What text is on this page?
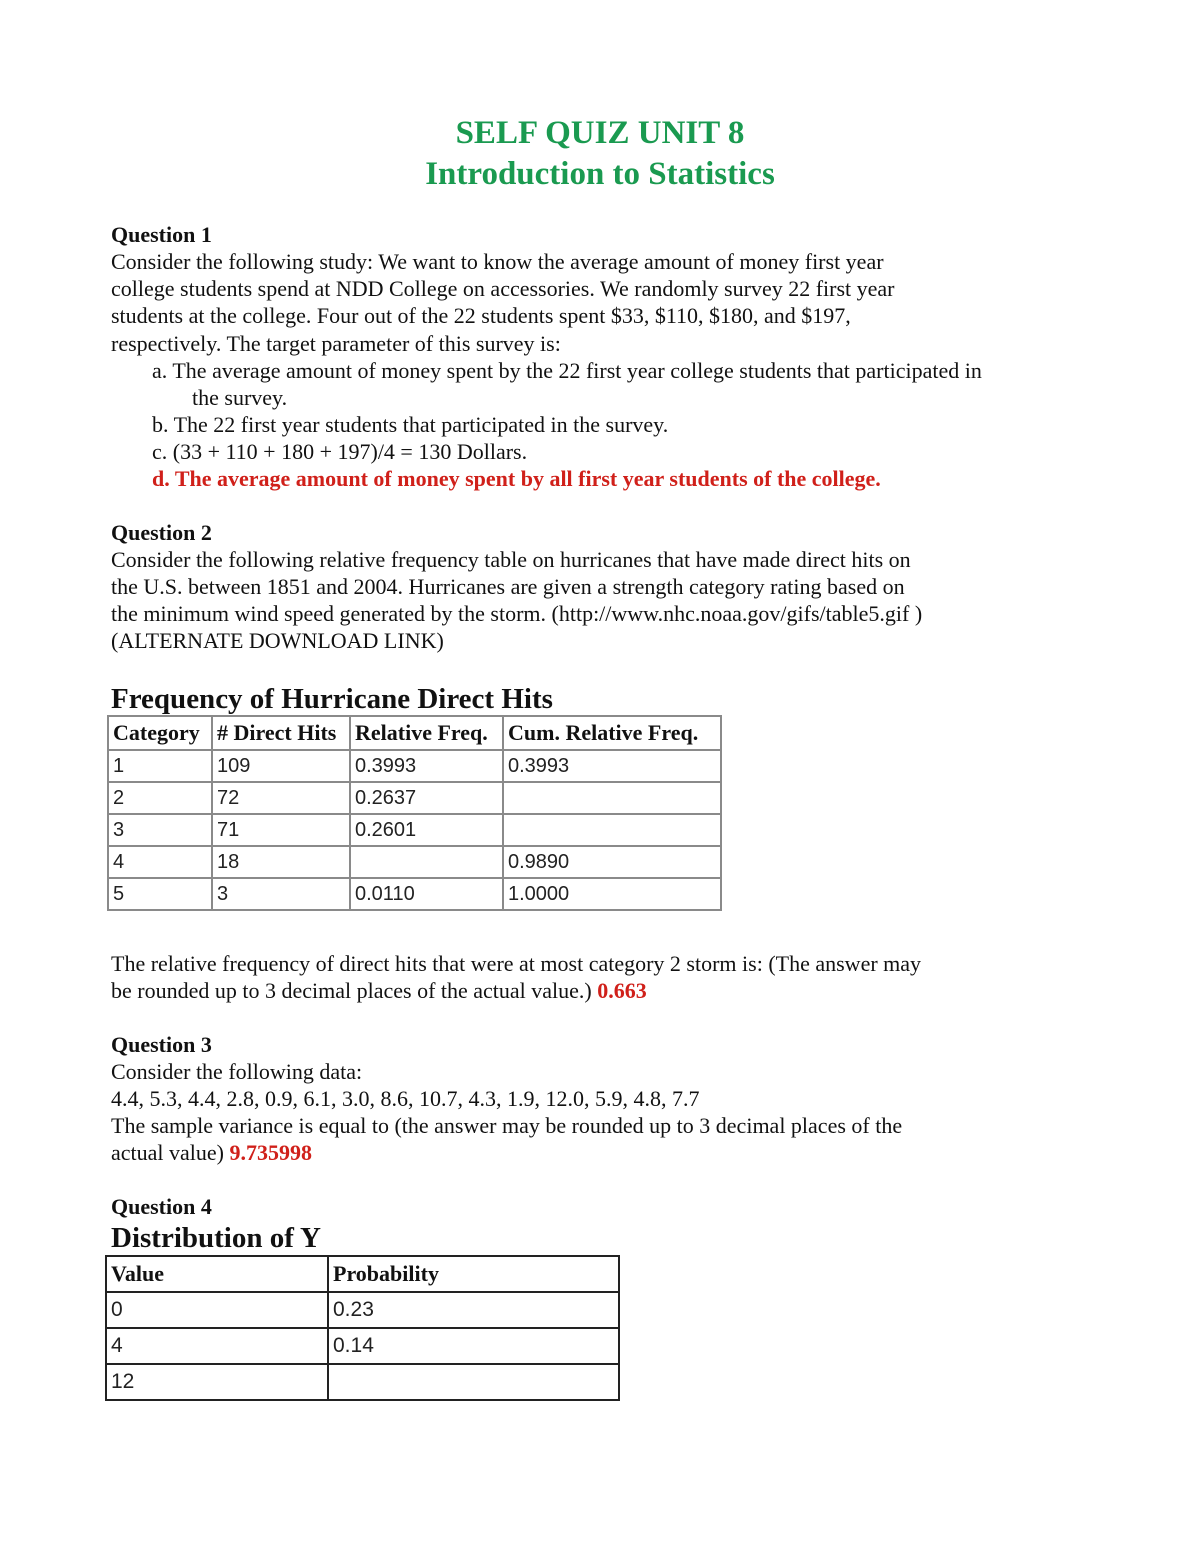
SELF QUIZ UNIT 8
Introduction to Statistics
Question 1
Consider the following study: We want to know the average amount of money first year
college students spend at NDD College on accessories. We randomly survey 22 first year
students at the college. Four out of the 22 students spent $33, $110, $180, and $197,
respectively. The target parameter of this survey is:
a. The average amount of money spent by the 22 first year college students that participated in
the survey.
b. The 22 first year students that participated in the survey.
c. (33 + 110 + 180 + 197)/4 = 130 Dollars.
d. The average amount of money spent by all first year students of the college.
Question 2
Consider the following relative frequency table on hurricanes that have made direct hits on
the U.S. between 1851 and 2004. Hurricanes are given a strength category rating based on
the minimum wind speed generated by the storm. (http://www.nhc.noaa.gov/gifs/table5.gif )
(ALTERNATE DOWNLOAD LINK)
Frequency of Hurricane Direct Hits
Category	# Direct Hits	Relative Freq.	Cum. Relative Freq.
1	109	0.3993	0.3993
2	72	0.2637	
3	71	0.2601	
4	18		0.9890
5	3	0.0110	1.0000
The relative frequency of direct hits that were at most category 2 storm is: (The answer may
be rounded up to 3 decimal places of the actual value.) 0.663
Question 3
Consider the following data:
4.4, 5.3, 4.4, 2.8, 0.9, 6.1, 3.0, 8.6, 10.7, 4.3, 1.9, 12.0, 5.9, 4.8, 7.7
The sample variance is equal to (the answer may be rounded up to 3 decimal places of the
actual value) 9.735998
Question 4
Distribution of Y
Value	Probability
0	0.23
4	0.14
12	
